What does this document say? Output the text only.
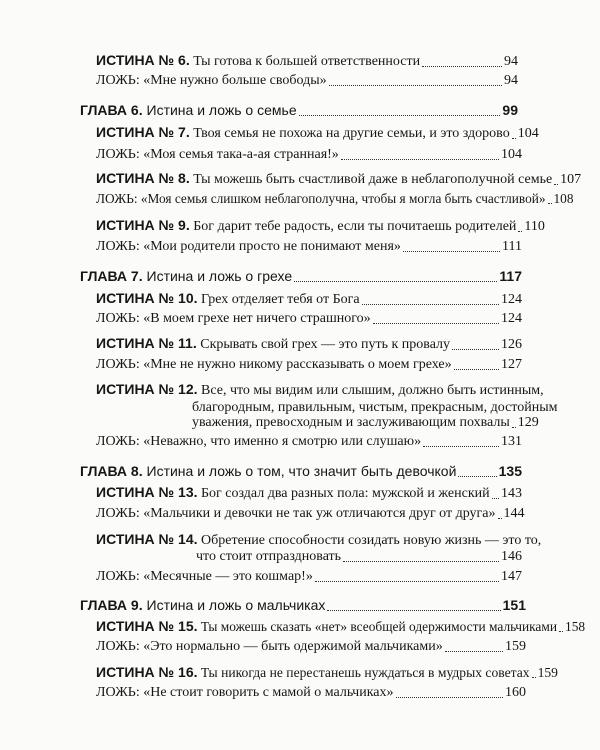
ИСТИНА № 6. Ты готова к большей ответственности	94
ЛОЖЬ: «Мне нужно больше свободы»	94
ГЛАВА 6. Истина и ложь о семье	99
ИСТИНА № 7. Твоя семья не похожа на другие семьи, и это здорово 104
ЛОЖЬ: «Моя семья така-а-ая странная!»	104
ИСТИНА № 8. Ты можешь быть счастливой даже в неблагополучной семье 107
ЛОЖЬ: «Моя семья слишком неблагополучна, чтобы я могла быть счастливой» 108
ИСТИНА № 9. Бог дарит тебе радость, если ты почитаешь родителей 110
ЛОЖЬ: «Мои родители просто не понимают меня»	111
ГЛАВА 7. Истина и ложь о грехе	117
ИСТИНА № 10. Грех отделяет тебя от Бога	124
ЛОЖЬ: «В моем грехе нет ничего страшного»	124
ИСТИНА № 11. Скрывать свой грех — это путь к провалу	126
ЛОЖЬ: «Мне не нужно никому рассказывать о моем грехе»	127
ИСТИНА № 12. Все, что мы видим или слышим, должно быть истинным,
благородным, правильным, чистым, прекрасным, достойным
уважения, превосходным и заслуживающим похвалы 129
ЛОЖЬ: «Неважно, что именно я смотрю или слушаю»	131
ГЛАВА 8. Истина и ложь о том, что значит быть девочкой	135
ИСТИНА № 13. Бог создал два разных пола: мужской и женский 143
ЛОЖЬ: «Мальчики и девочки не так уж отличаются друг от друга» 144
ИСТИНА № 14. Обретение способности созидать новую жизнь — это то,
что стоит отпраздновать	146
ЛОЖЬ: «Месячные — это кошмар!»	147
ГЛАВА 9. Истина и ложь о мальчиках	151
ИСТИНА № 15. Ты можешь сказать «нет» всеобщей одержимости мальчиками 158
ЛОЖЬ: «Это нормально — быть одержимой мальчиками»	159
ИСТИНА № 16. Ты никогда не перестанешь нуждаться в мудрых советах 159
ЛОЖЬ: «Не стоит говорить с мамой о мальчиках»	160
